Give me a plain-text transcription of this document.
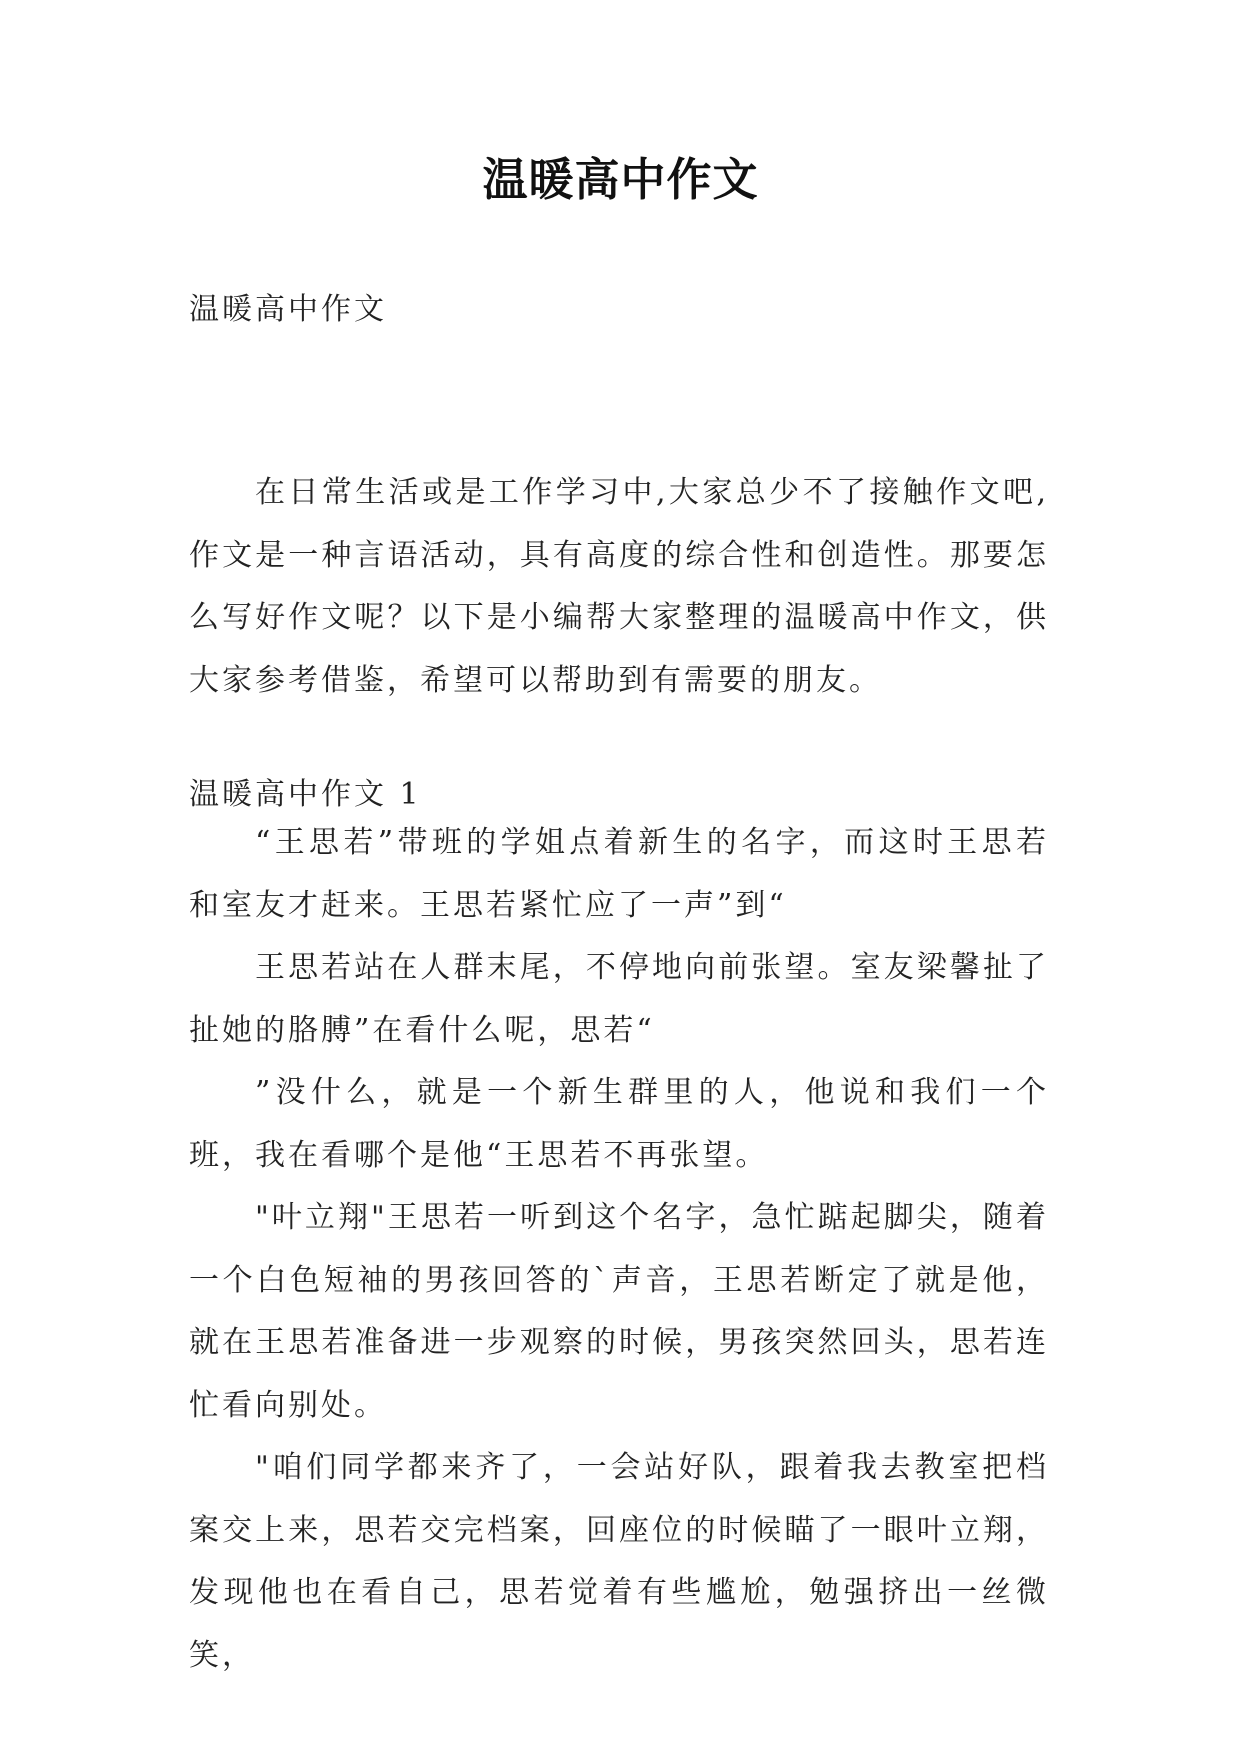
温暖高中作文
温暖高中作文
在日常生活或是工作学习中,大家总少不了接触作文吧,作文是一种言语活动，具有高度的综合性和创造性。那要怎么写好作文呢？以下是小编帮大家整理的温暖高中作文，供大家参考借鉴，希望可以帮助到有需要的朋友。
温暖高中作文 1

“王思若”带班的学姐点着新生的名字，而这时王思若和室友才赶来。王思若紧忙应了一声”到“

王思若站在人群末尾，不停地向前张望。室友梁馨扯了扯她的胳膊”在看什么呢，思若“

”没什么，就是一个新生群里的人，他说和我们一个班，我在看哪个是他“王思若不再张望。

"叶立翔"王思若一听到这个名字，急忙踮起脚尖，随着一个白色短袖的男孩回答的`声音，王思若断定了就是他，就在王思若准备进一步观察的时候，男孩突然回头，思若连忙看向别处。

"咱们同学都来齐了，一会站好队，跟着我去教室把档案交上来，思若交完档案，回座位的时候瞄了一眼叶立翔，发现他也在看自己，思若觉着有些尴尬，勉强挤出一丝微笑，
